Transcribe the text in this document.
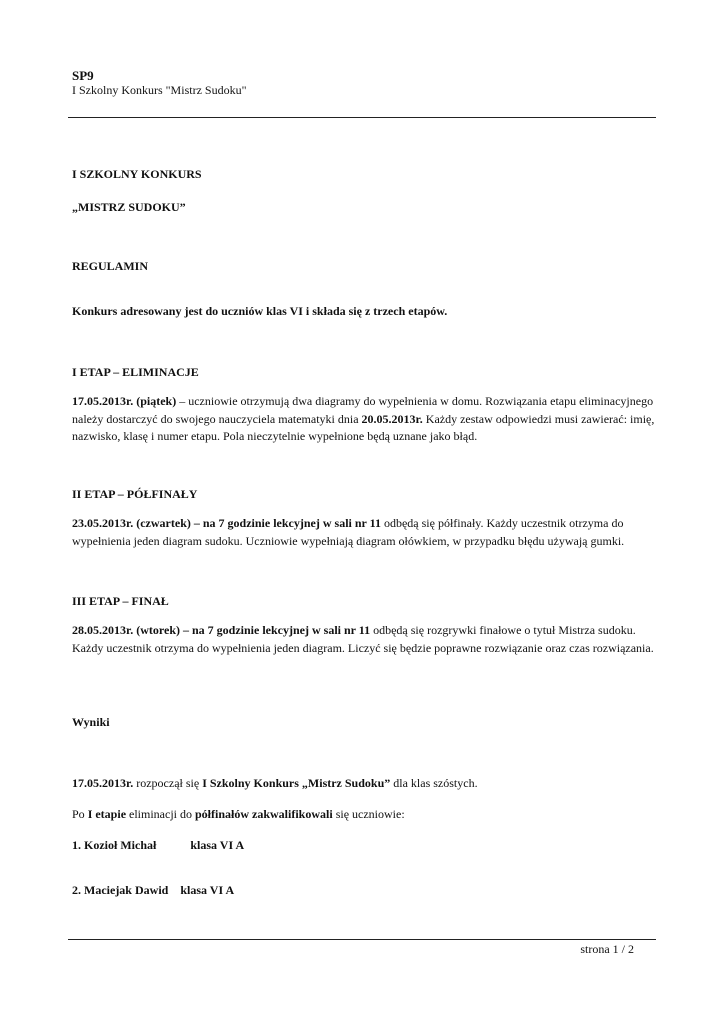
SP9
I Szkolny Konkurs "Mistrz Sudoku"
I SZKOLNY KONKURS
„MISTRZ SUDOKU”
REGULAMIN
Konkurs adresowany jest do uczniów klas VI i składa się z trzech etapów.
I ETAP – ELIMINACJE
17.05.2013r. (piątek) – uczniowie otrzymują dwa diagramy do wypełnienia w domu. Rozwiązania etapu eliminacyjnego należy dostarczyć do swojego nauczyciela matematyki dnia 20.05.2013r. Każdy zestaw odpowiedzi musi zawierać: imię, nazwisko, klasę i numer etapu. Pola nieczytelnie wypełnione będą uznane jako błąd.
II ETAP – PÓŁFINAŁY
23.05.2013r. (czwartek) – na 7 godzinie lekcyjnej w sali nr 11 odbędą się półfinały. Każdy uczestnik otrzyma do wypełnienia jeden diagram sudoku. Uczniowie wypełniają diagram ołówkiem, w przypadku błędu używają gumki.
III ETAP – FINAŁ
28.05.2013r. (wtorek) – na 7 godzinie lekcyjnej w sali nr 11 odbędą się rozgrywki finałowe o tytuł Mistrza sudoku. Każdy uczestnik otrzyma do wypełnienia jeden diagram. Liczyć się będzie poprawne rozwiązanie oraz czas rozwiązania.
Wyniki
17.05.2013r. rozpoczął się I Szkolny Konkurs „Mistrz Sudoku” dla klas szóstych.
Po I etapie eliminacji do półfinałów zakwalifikowali się uczniowie:
1. Kozioł Michał	klasa VI A
2. Maciejak Dawid klasa VI A
strona 1 / 2
